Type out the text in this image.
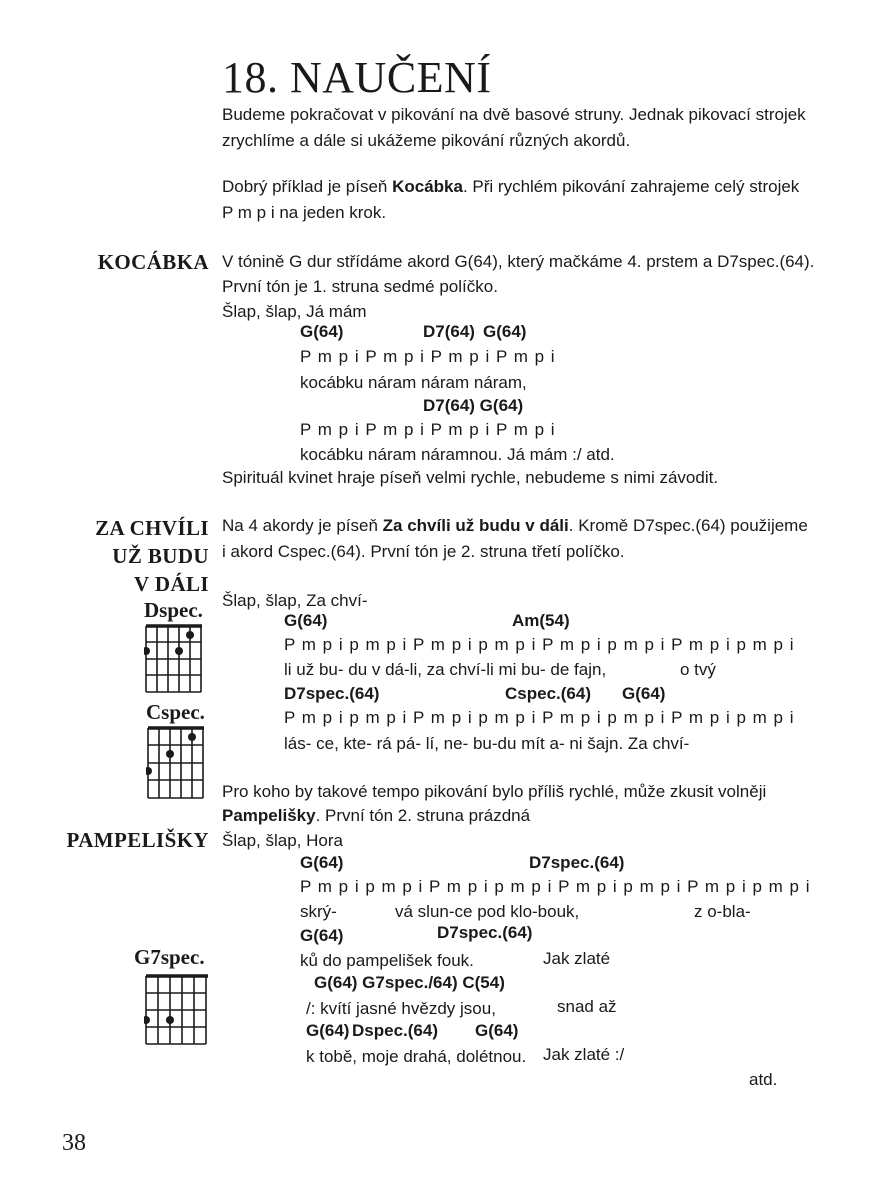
18. NAUČENÍ
Budeme pokračovat v pikování na dvě basové struny. Jednak pikovací strojek
zrychlíme a dále si ukážeme pikování různých akordů.
Dobrý příklad je píseň Kocábka. Při rychlém pikování zahrajeme celý strojek
P m p i na jeden krok.
KOCÁBKA V tónině G dur střídáme akord G(64), který mačkáme 4. prstem a D7spec.(64).
První tón je 1. struna sedmé políčko.
Šlap, šlap, Já mám
G(64)	D7(64) G(64)
P m p i P m p i P m p i P m p i
kocábku náram náram náram,
D7(64) G(64)
P m p i P m p i P m p i P m p i
kocábku náram náramnou. Já mám :/ atd.
Spirituál kvinet hraje píseň velmi rychle, nebudeme s nimi závodit.
ZA CHVÍLI
UŽ BUDU
V DÁLI
Dspec.
Cspec.
Na 4 akordy je píseň Za chvíli už budu v dáli. Kromě D7spec.(64) použijeme
i akord Cspec.(64). První tón je 2. struna třetí políčko.
Šlap, šlap, Za chví-
G(64)	Am(54)
P m p i p m p i P m p i p m p i P m p i p m p i P m p i p m p i
li už bu- du v dá-li, za chví-li mi bu- de fajn,	o tvý
D7spec.(64)	Cspec.(64) G(64)
P m p i p m p i P m p i p m p i P m p i p m p i P m p i p m p i
lás- ce, kte- rá pá- lí, ne- bu-du mít a- ni šajn. Za chví-
Pro koho by takové tempo pikování bylo příliš rychlé, může zkusit volněji
Pampelišky. První tón 2. struna prázdná
PAMPELIŠKY Šlap, šlap, Hora
G(64)	D7spec.(64)
P m p i p m p i P m p i p m p i P m p i p m p i P m p i p m p i
skrý-	vá slun-ce pod klo-bouk,	z o-bla-
G(64)	D7spec.(64)
ků do pampelišek fouk.	Jak zlaté
G(64) G7spec./64) C(54)
/: kvítí jasné hvězdy jsou,	snad až
G(64) Dspec.(64) G(64)
k tobě, moje drahá, dolétnou. Jak zlaté :/
atd.
G7spec.
38
